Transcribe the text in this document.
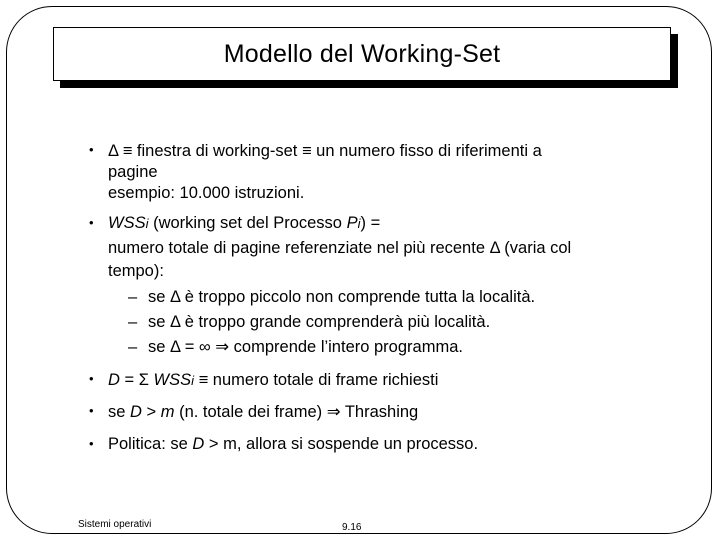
Modello del Working-Set
• Δ ≡ finestra di working-set ≡ un numero fisso di riferimenti a
pagine
esempio: 10.000 istruzioni.
• WSSi (working set del Processo Pi) =
numero totale di pagine referenziate nel più recente Δ (varia col
tempo):
– se Δ è troppo piccolo non comprende tutta la località.
– se Δ è troppo grande comprenderà più località.
– se Δ = ∞ ⇒ comprende l’intero programma.
• D = Σ WSSi ≡ numero totale di frame richiesti
• se D > m (n. totale dei frame) ⇒ Thrashing
• Politica: se D > m, allora si sospende un processo.
Sistemi operativi	9.16
